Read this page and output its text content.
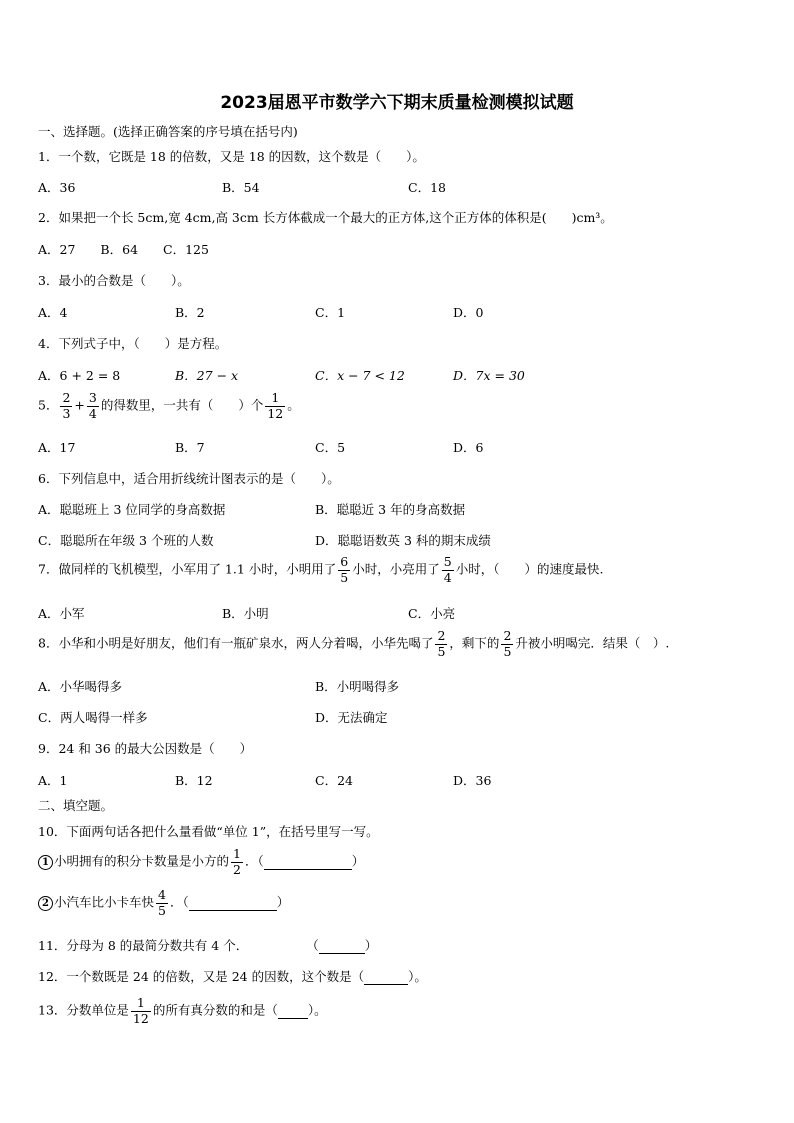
2023届恩平市数学六下期末质量检测模拟试题
一、选择题。(选择正确答案的序号填在括号内)
1．一个数，它既是 18 的倍数，又是 18 的因数，这个数是（　　）。
A．36	B．54	C．18
2．如果把一个长 5cm,宽 4cm,高 3cm 长方体截成一个最大的正方体,这个正方体的体积是(　　)cm³。
A．27　　B．64　　C．125
3．最小的合数是（　　）。
A．4	B．2	C．1	D．0
4．下列式子中，（　　）是方程。
A．6 + 2 = 8	B．27 − x	C．x − 7 < 12	D．7x = 30
5． $\frac{2}{3} + \frac{3}{4}$ 的得数里，一共有（　　）个 $\frac{1}{12}$ 。
A．17	B．7	C．5	D．6
6．下列信息中，适合用折线统计图表示的是（　　）。
A．聪聪班上 3 位同学的身高数据	B．聪聪近 3 年的身高数据
C．聪聪所在年级 3 个班的人数	D．聪聪语数英 3 科的期末成绩
7．做同样的飞机模型，小军用了 1.1 小时，小明用了 $\frac{6}{5}$ 小时，小亮用了 $\frac{5}{4}$ 小时，（　　）的速度最快.
A．小军	B．小明	C．小亮
8．小华和小明是好朋友，他们有一瓶矿泉水，两人分着喝，小华先喝了 $\frac{2}{5}$ ，剩下的 $\frac{2}{5}$ 升被小明喝完．结果（　）.
A．小华喝得多	B．小明喝得多
C．两人喝得一样多	D．无法确定
9．24 和 36 的最大公因数是（　　）
A．1	B．12	C．24	D．36
二、填空题。
10．下面两句话各把什么量看做“单位 1”，在括号里写一写。
1 小明拥有的积分卡数量是小方的 $\frac{1}{2}$ ．（	）
2 小汽车比小卡车快 $\frac{4}{5}$ ．（	）
11．分母为 8 的最简分数共有 4 个．	（	）
12．一个数既是 24 的倍数，又是 24 的因数，这个数是（	）。
13．分数单位是 $\frac{1}{12}$ 的所有真分数的和是（ ）。
